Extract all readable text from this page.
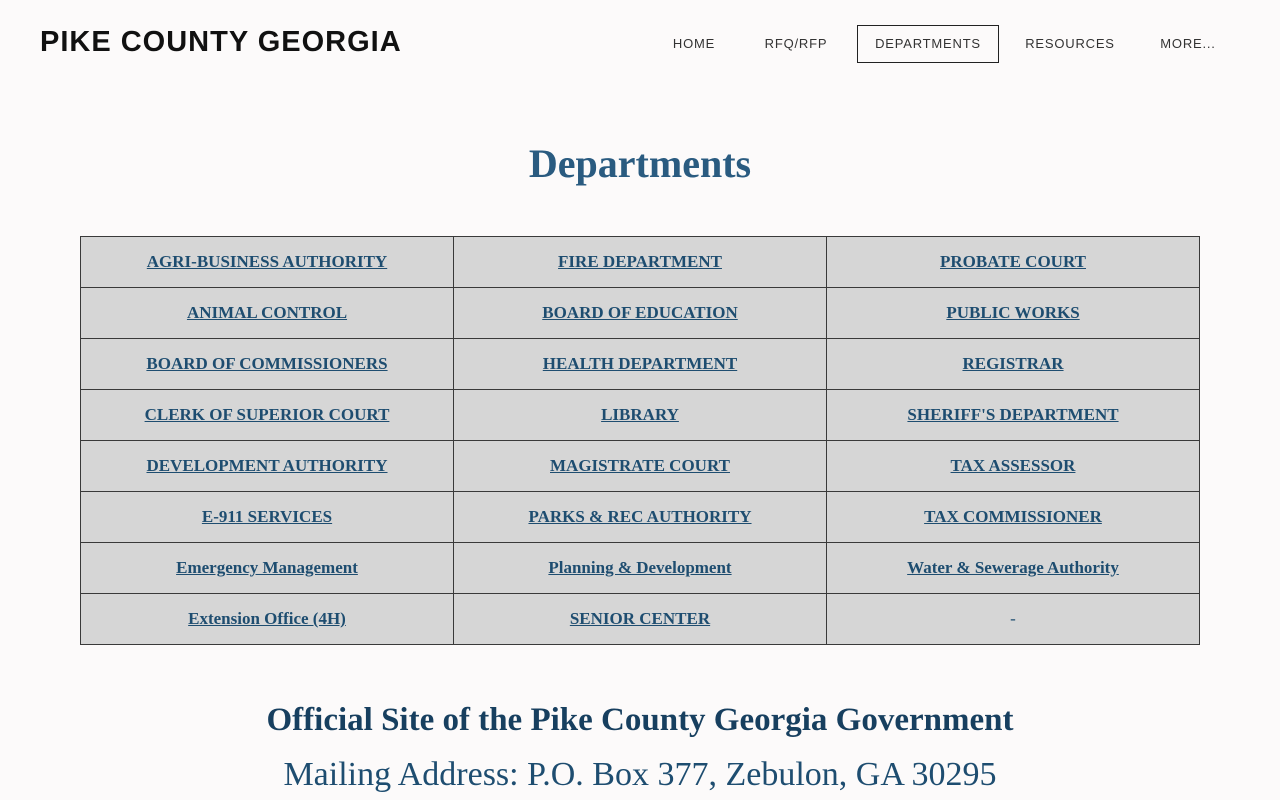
PIKE COUNTY GEORGIA	HOME	RFQ/RFP	DEPARTMENTS	RESOURCES	MORE...
Departments
AGRI-BUSINESS AUTHORITY	FIRE DEPARTMENT	PROBATE COURT
ANIMAL CONTROL	BOARD OF EDUCATION	PUBLIC WORKS
BOARD OF COMMISSIONERS	HEALTH DEPARTMENT	REGISTRAR
CLERK OF SUPERIOR COURT	LIBRARY	SHERIFF'S DEPARTMENT
DEVELOPMENT AUTHORITY	MAGISTRATE COURT	TAX ASSESSOR
E-911 SERVICES	PARKS & REC AUTHORITY	TAX COMMISSIONER
Emergency Management	Planning & Development	Water & Sewerage Authority
Extension Office (4H)	SENIOR CENTER	-
Official Site of the Pike County Georgia Government
Mailing Address: P.O. Box 377, Zebulon, GA 30295
